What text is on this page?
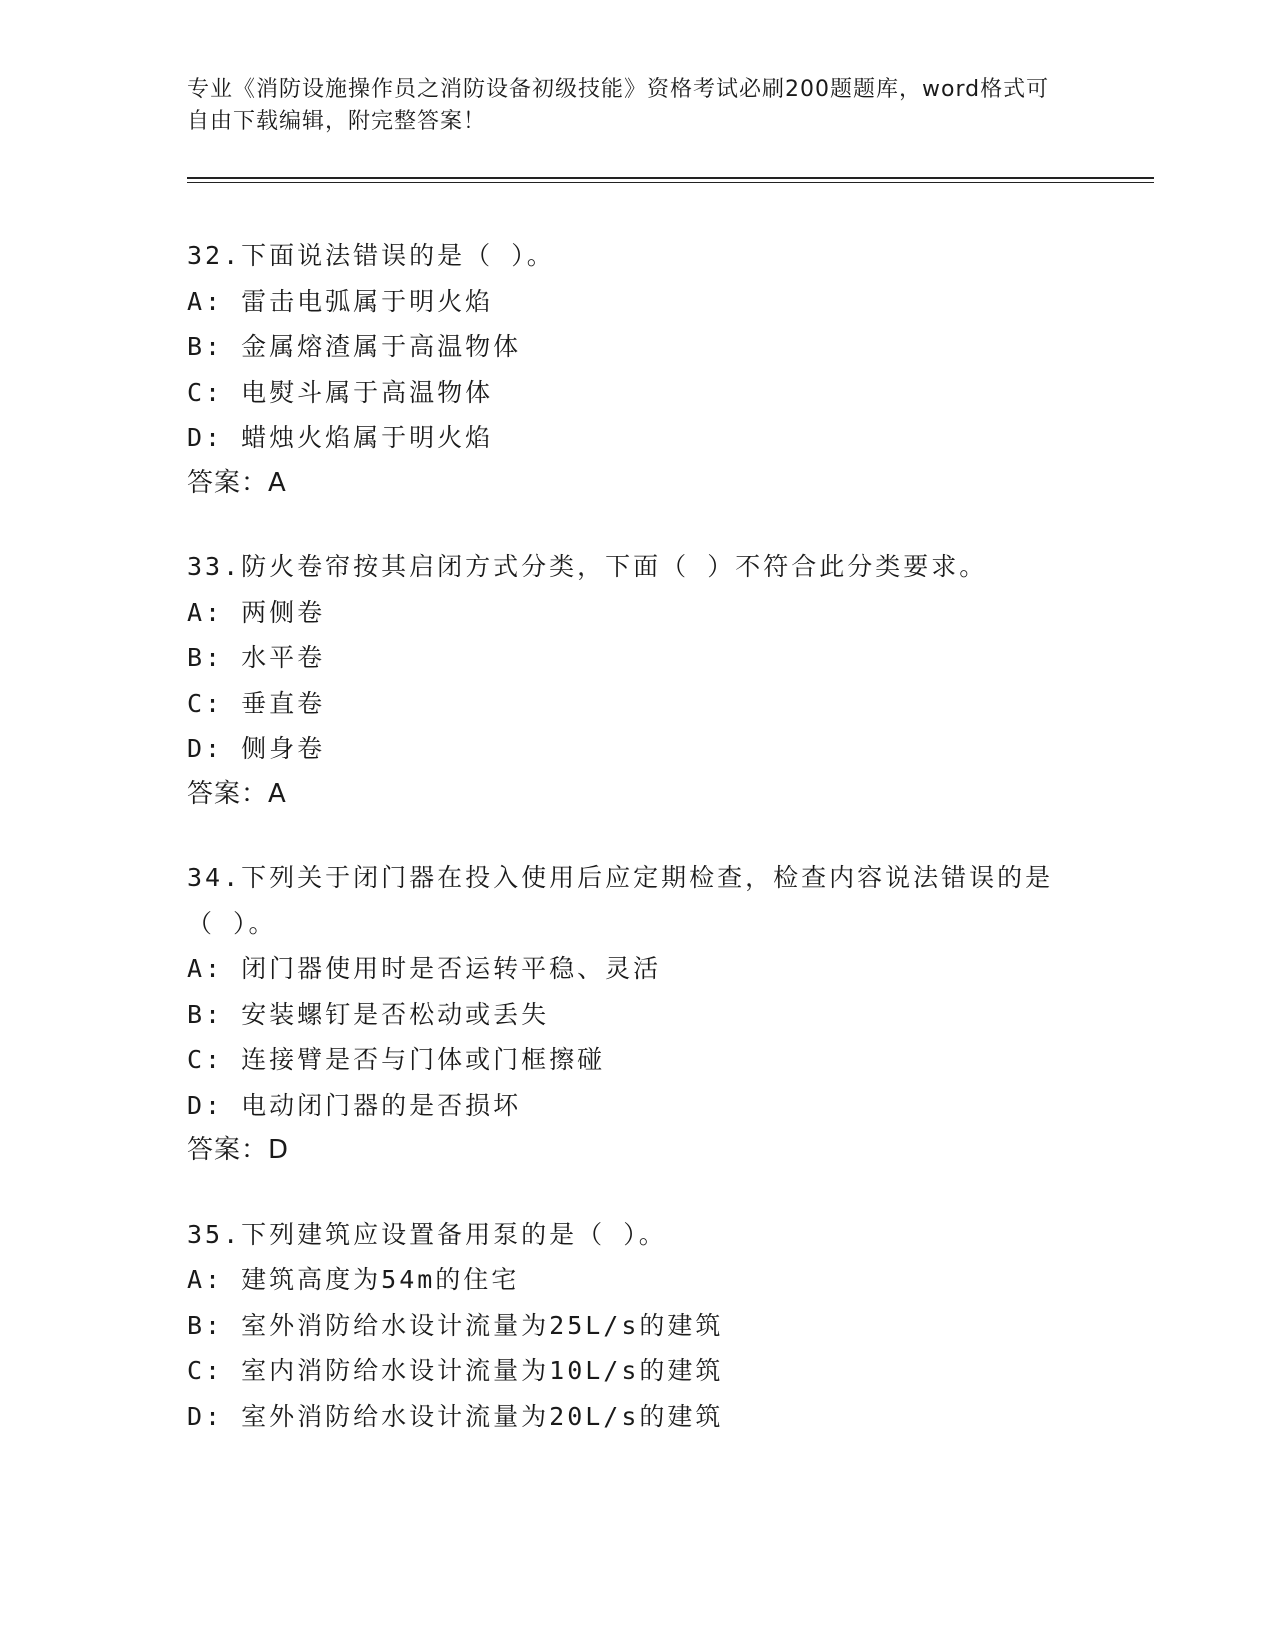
专业《消防设施操作员之消防设备初级技能》资格考试必刷200题题库，word格式可自由下载编辑，附完整答案！
32.下面说法错误的是（ ）。
A: 雷击电弧属于明火焰
B: 金属熔渣属于高温物体
C: 电熨斗属于高温物体
D: 蜡烛火焰属于明火焰
答案：A
33.防火卷帘按其启闭方式分类，下面（ ）不符合此分类要求。
A: 两侧卷
B: 水平卷
C: 垂直卷
D: 侧身卷
答案：A
34.下列关于闭门器在投入使用后应定期检查，检查内容说法错误的是（ ）。
A: 闭门器使用时是否运转平稳、灵活
B: 安装螺钉是否松动或丢失
C: 连接臂是否与门体或门框擦碰
D: 电动闭门器的是否损坏
答案：D
35.下列建筑应设置备用泵的是（ ）。
A: 建筑高度为54m的住宅
B: 室外消防给水设计流量为25L/s的建筑
C: 室内消防给水设计流量为10L/s的建筑
D: 室外消防给水设计流量为20L/s的建筑
